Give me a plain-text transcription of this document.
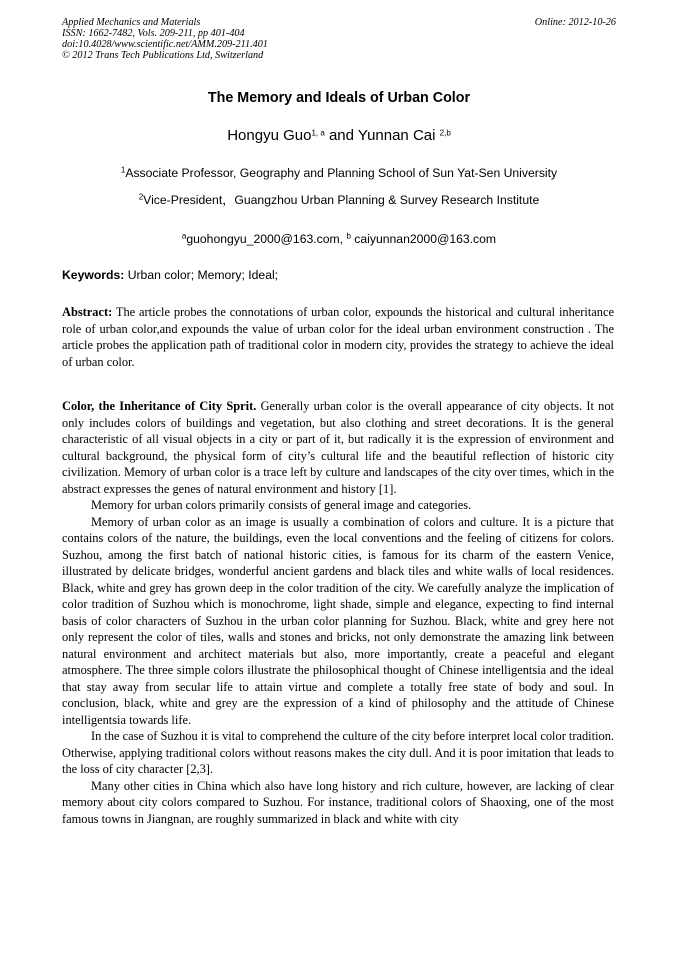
Applied Mechanics and Materials
ISSN: 1662-7482, Vols. 209-211, pp 401-404
doi:10.4028/www.scientific.net/AMM.209-211.401
© 2012 Trans Tech Publications Ltd, Switzerland
Online: 2012-10-26
The Memory and Ideals of Urban Color
Hongyu Guo$^{1, a}$ and Yunnan Cai $^{2,b}$
$^1$Associate Professor, Geography and Planning School of Sun Yat-Sen University
$^2$Vice-President，Guangzhou Urban Planning & Survey Research Institute
$^a$guohongyu_2000@163.com, $^b$ caiyunnan2000@163.com
Keywords: Urban color; Memory; Ideal;

Abstract: The article probes the connotations of urban color, expounds the historical and cultural inheritance role of urban color,and expounds the value of urban color for the ideal urban environment construction . The article probes the application path of traditional color in modern city, provides the strategy to achieve the ideal of urban color.

Color, the Inheritance of City Sprit. Generally urban color is the overall appearance of city objects. It not only includes colors of buildings and vegetation, but also clothing and street decorations. It is the general characteristic of all visual objects in a city or part of it, but radically it is the expression of environment and cultural background, the physical form of city’s cultural life and the beautiful reflection of historic city civilization. Memory of urban color is a trace left by culture and landscapes of the city over times, which in the abstract expresses the genes of natural environment and history [1].

Memory for urban colors primarily consists of general image and categories.

Memory of urban color as an image is usually a combination of colors and culture. It is a picture that contains colors of the nature, the buildings, even the local conventions and the feeling of citizens for colors. Suzhou, among the first batch of national historic cities, is famous for its charm of the eastern Venice, illustrated by delicate bridges, wonderful ancient gardens and black tiles and white walls of local residences. Black, white and grey has grown deep in the color tradition of the city. We carefully analyze the implication of color tradition of Suzhou which is monochrome, light shade, simple and elegance, expecting to find internal basis of color characters of Suzhou in the urban color planning for Suzhou. Black, white and grey here not only represent the color of tiles, walls and stones and bricks, not only demonstrate the amazing link between natural environment and architect materials but also, more importantly, create a peaceful and elegant atmosphere. The three simple colors illustrate the philosophical thought of Chinese intelligentsia and the ideal that stay away from secular life to attain virtue and complete a totally free state of body and soul. In conclusion, black, white and grey are the expression of a kind of philosophy and the attitude of Chinese intelligentsia towards life.

In the case of Suzhou it is vital to comprehend the culture of the city before interpret local color tradition. Otherwise, applying traditional colors without reasons makes the city dull. And it is poor imitation that leads to the loss of city character [2,3].

Many other cities in China which also have long history and rich culture, however, are lacking of clear memory about city colors compared to Suzhou. For instance, traditional colors of Shaoxing, one of the most famous towns in Jiangnan, are roughly summarized in black and white with city
